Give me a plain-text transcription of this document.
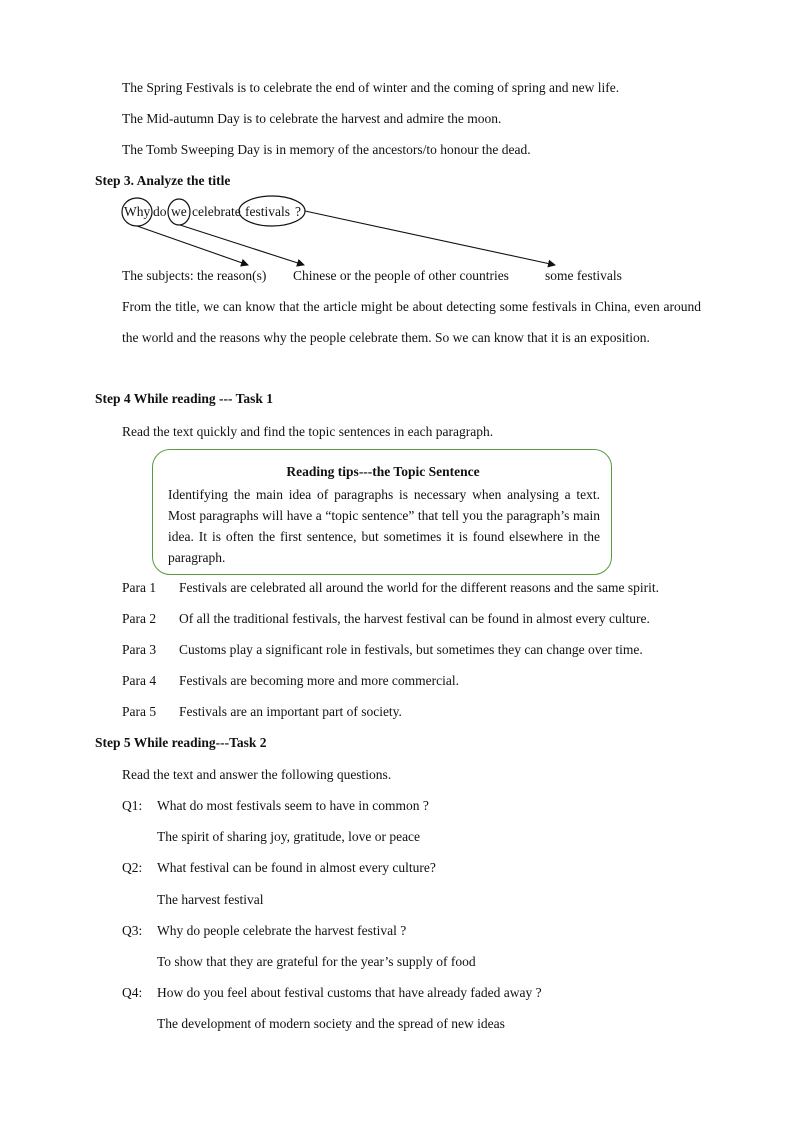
The Spring Festivals is to celebrate the end of winter and the coming of spring and new life.
The Mid-autumn Day is to celebrate the harvest and admire the moon.
The Tomb Sweeping Day is in memory of the ancestors/to honour the dead.
Step 3. Analyze the title
Why do we celebrate festivals ?
The subjects: the reason(s) Chinese or the people of other countries	some festivals
From the title, we can know that the article might be about detecting some festivals in China, even around the world and the reasons why the people celebrate them. So we can know that it is an exposition.
Step 4 While reading --- Task 1
Read the text quickly and find the topic sentences in each paragraph.
Reading tips---the Topic Sentence
Identifying the main idea of paragraphs is necessary when analysing a text. Most paragraphs will have a “topic sentence” that tell you the paragraph’s main idea. It is often the first sentence, but sometimes it is found elsewhere in the paragraph.
Para 1 Festivals are celebrated all around the world for the different reasons and the same spirit.
Para 2 Of all the traditional festivals, the harvest festival can be found in almost every culture.
Para 3 Customs play a significant role in festivals, but sometimes they can change over time.
Para 4 Festivals are becoming more and more commercial.
Para 5 Festivals are an important part of society.
Step 5 While reading---Task 2
Read the text and answer the following questions.
Q1: What do most festivals seem to have in common ?
The spirit of sharing joy, gratitude, love or peace
Q2: What festival can be found in almost every culture?
The harvest festival
Q3: Why do people celebrate the harvest festival ?
To show that they are grateful for the year’s supply of food
Q4: How do you feel about festival customs that have already faded away ?
The development of modern society and the spread of new ideas
